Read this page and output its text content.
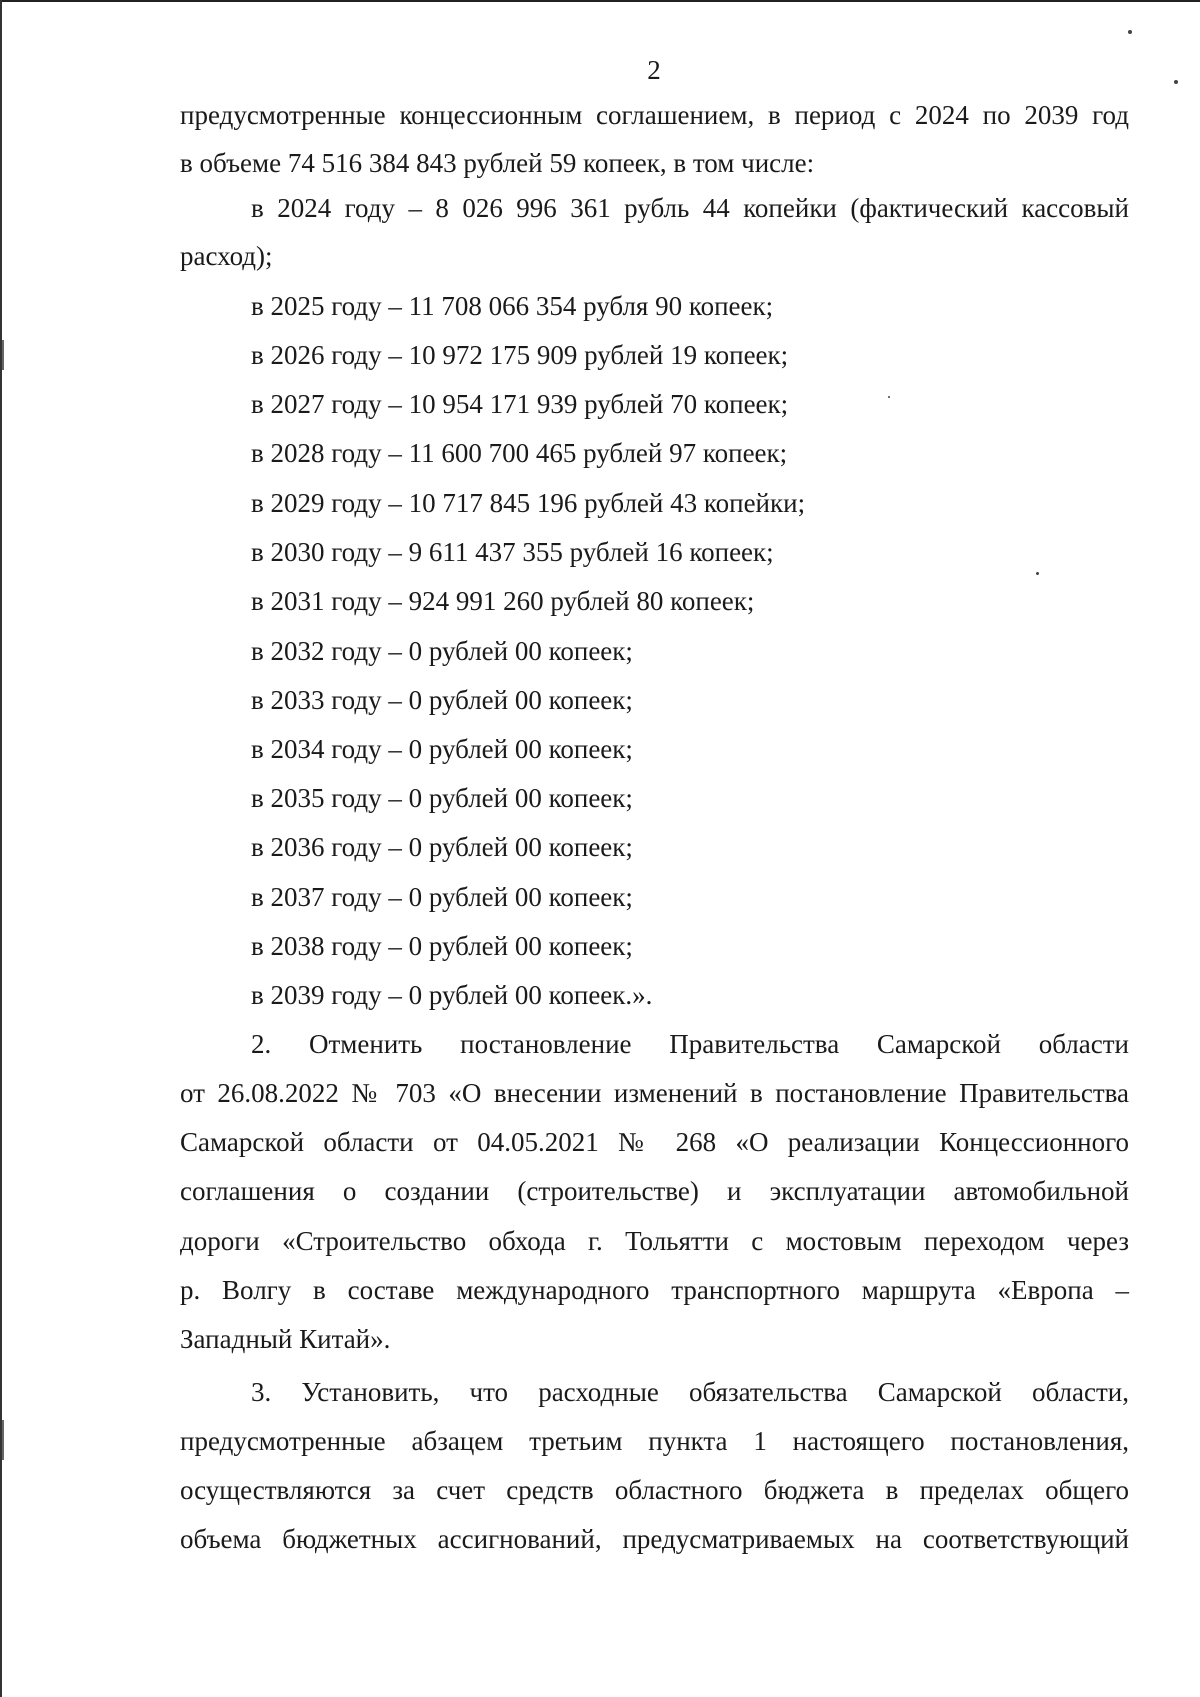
2
предусмотренные концессионным соглашением, в период с 2024 по 2039 год
в объеме 74 516 384 843 рублей 59 копеек, в том числе:
в 2024 году – 8 026 996 361 рубль 44 копейки (фактический кассовый
расход);
в 2025 году – 11 708 066 354 рубля 90 копеек;
в 2026 году – 10 972 175 909 рублей 19 копеек;
в 2027 году – 10 954 171 939 рублей 70 копеек;
в 2028 году – 11 600 700 465 рублей 97 копеек;
в 2029 году – 10 717 845 196 рублей 43 копейки;
в 2030 году – 9 611 437 355 рублей 16 копеек;
в 2031 году – 924 991 260 рублей 80 копеек;
в 2032 году – 0 рублей 00 копеек;
в 2033 году – 0 рублей 00 копеек;
в 2034 году – 0 рублей 00 копеек;
в 2035 году – 0 рублей 00 копеек;
в 2036 году – 0 рублей 00 копеек;
в 2037 году – 0 рублей 00 копеек;
в 2038 году – 0 рублей 00 копеек;
в 2039 году – 0 рублей 00 копеек.».
2. Отменить постановление Правительства Самарской области
от 26.08.2022 № 703 «О внесении изменений в постановление Правительства
Самарской области от 04.05.2021 № 268 «О реализации Концессионного
соглашения о создании (строительстве) и эксплуатации автомобильной
дороги «Строительство обхода г. Тольятти с мостовым переходом через
р. Волгу в составе международного транспортного маршрута «Европа –
Западный Китай».
3. Установить, что расходные обязательства Самарской области,
предусмотренные абзацем третьим пункта 1 настоящего постановления,
осуществляются за счет средств областного бюджета в пределах общего
объема бюджетных ассигнований, предусматриваемых на соответствующий
